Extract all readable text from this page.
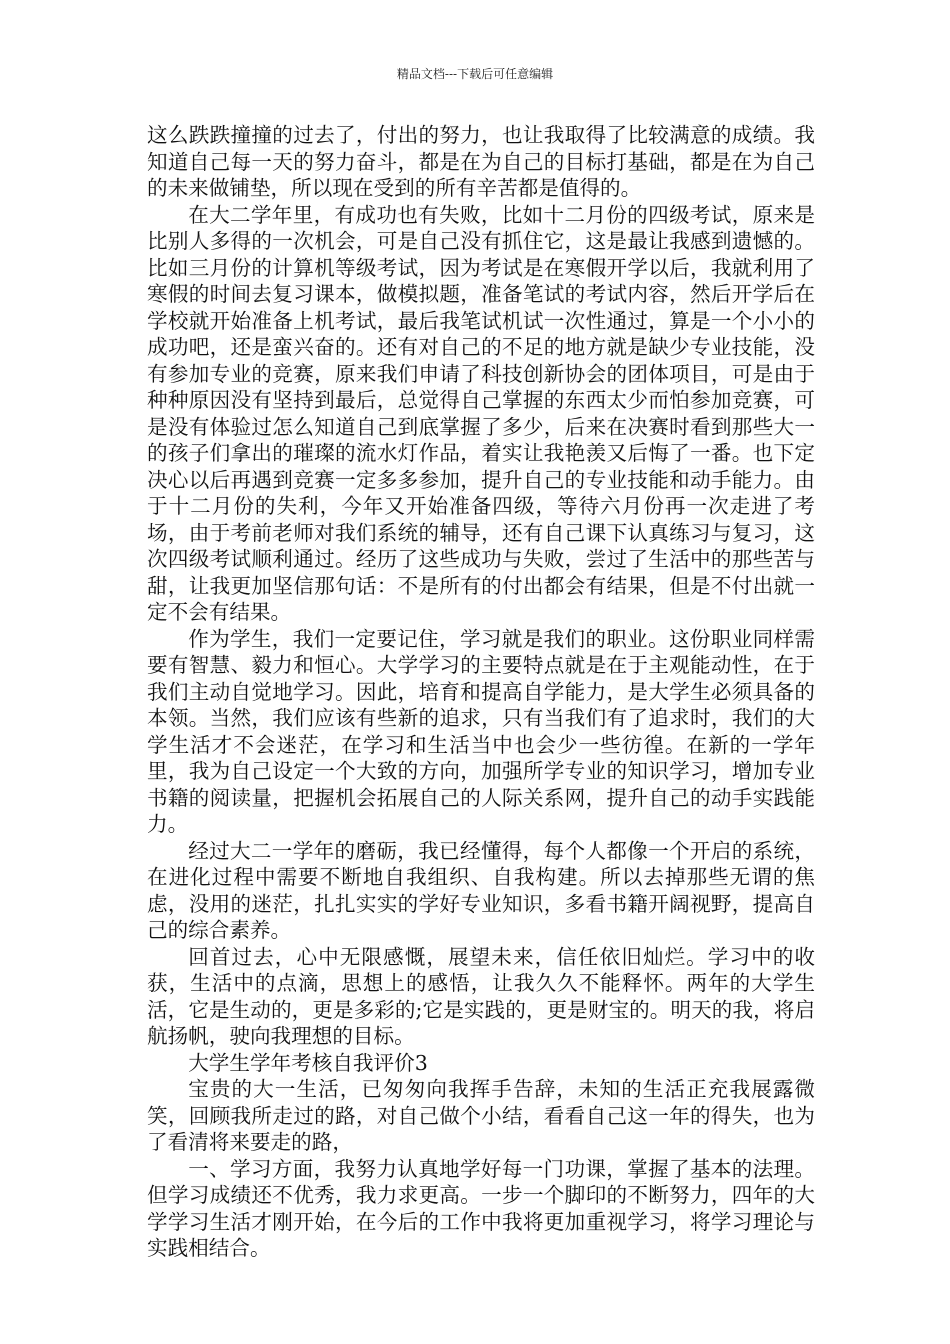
精品文档---下载后可任意编辑

这么跌跌撞撞的过去了，付出的努力，也让我取得了比较满意的成绩。我知道自己每一天的努力奋斗，都是在为自己的目标打基础，都是在为自己的未来做铺垫，所以现在受到的所有辛苦都是值得的。

在大二学年里，有成功也有失败，比如十二月份的四级考试，原来是比别人多得的一次机会，可是自己没有抓住它，这是最让我感到遗憾的。比如三月份的计算机等级考试，因为考试是在寒假开学以后，我就利用了寒假的时间去复习课本，做模拟题，准备笔试的考试内容，然后开学后在学校就开始准备上机考试，最后我笔试机试一次性通过，算是一个小小的成功吧，还是蛮兴奋的。还有对自己的不足的地方就是缺少专业技能，没有参加专业的竞赛，原来我们申请了科技创新协会的团体项目，可是由于种种原因没有坚持到最后，总觉得自己掌握的东西太少而怕参加竞赛，可是没有体验过怎么知道自己到底掌握了多少，后来在决赛时看到那些大一的孩子们拿出的璀璨的流水灯作品，着实让我艳羡又后悔了一番。也下定决心以后再遇到竞赛一定多多参加，提升自己的专业技能和动手能力。由于十二月份的失利，今年又开始准备四级，等待六月份再一次走进了考场，由于考前老师对我们系统的辅导，还有自己课下认真练习与复习，这次四级考试顺利通过。经历了这些成功与失败，尝过了生活中的那些苦与甜，让我更加坚信那句话：不是所有的付出都会有结果，但是不付出就一定不会有结果。

作为学生，我们一定要记住，学习就是我们的职业。这份职业同样需要有智慧、毅力和恒心。大学学习的主要特点就是在于主观能动性，在于我们主动自觉地学习。因此，培育和提高自学能力，是大学生必须具备的本领。当然，我们应该有些新的追求，只有当我们有了追求时，我们的大学生活才不会迷茫，在学习和生活当中也会少一些彷徨。在新的一学年里，我为自己设定一个大致的方向，加强所学专业的知识学习，增加专业书籍的阅读量，把握机会拓展自己的人际关系网，提升自己的动手实践能力。

经过大二一学年的磨砺，我已经懂得，每个人都像一个开启的系统，在进化过程中需要不断地自我组织、自我构建。所以去掉那些无谓的焦虑，没用的迷茫，扎扎实实的学好专业知识，多看书籍开阔视野，提高自己的综合素养。

回首过去，心中无限感慨，展望未来，信任依旧灿烂。学习中的收获，生活中的点滴，思想上的感悟，让我久久不能释怀。两年的大学生活，它是生动的，更是多彩的;它是实践的，更是财宝的。明天的我，将启航扬帆，驶向我理想的目标。

大学生学年考核自我评价3

宝贵的大一生活，已匆匆向我挥手告辞，未知的生活正充我展露微笑，回顾我所走过的路，对自己做个小结，看看自己这一年的得失，也为了看清将来要走的路，

一、学习方面，我努力认真地学好每一门功课，掌握了基本的法理。但学习成绩还不优秀，我力求更高。一步一个脚印的不断努力，四年的大学学习生活才刚开始，在今后的工作中我将更加重视学习，将学习理论与实践相结合。
